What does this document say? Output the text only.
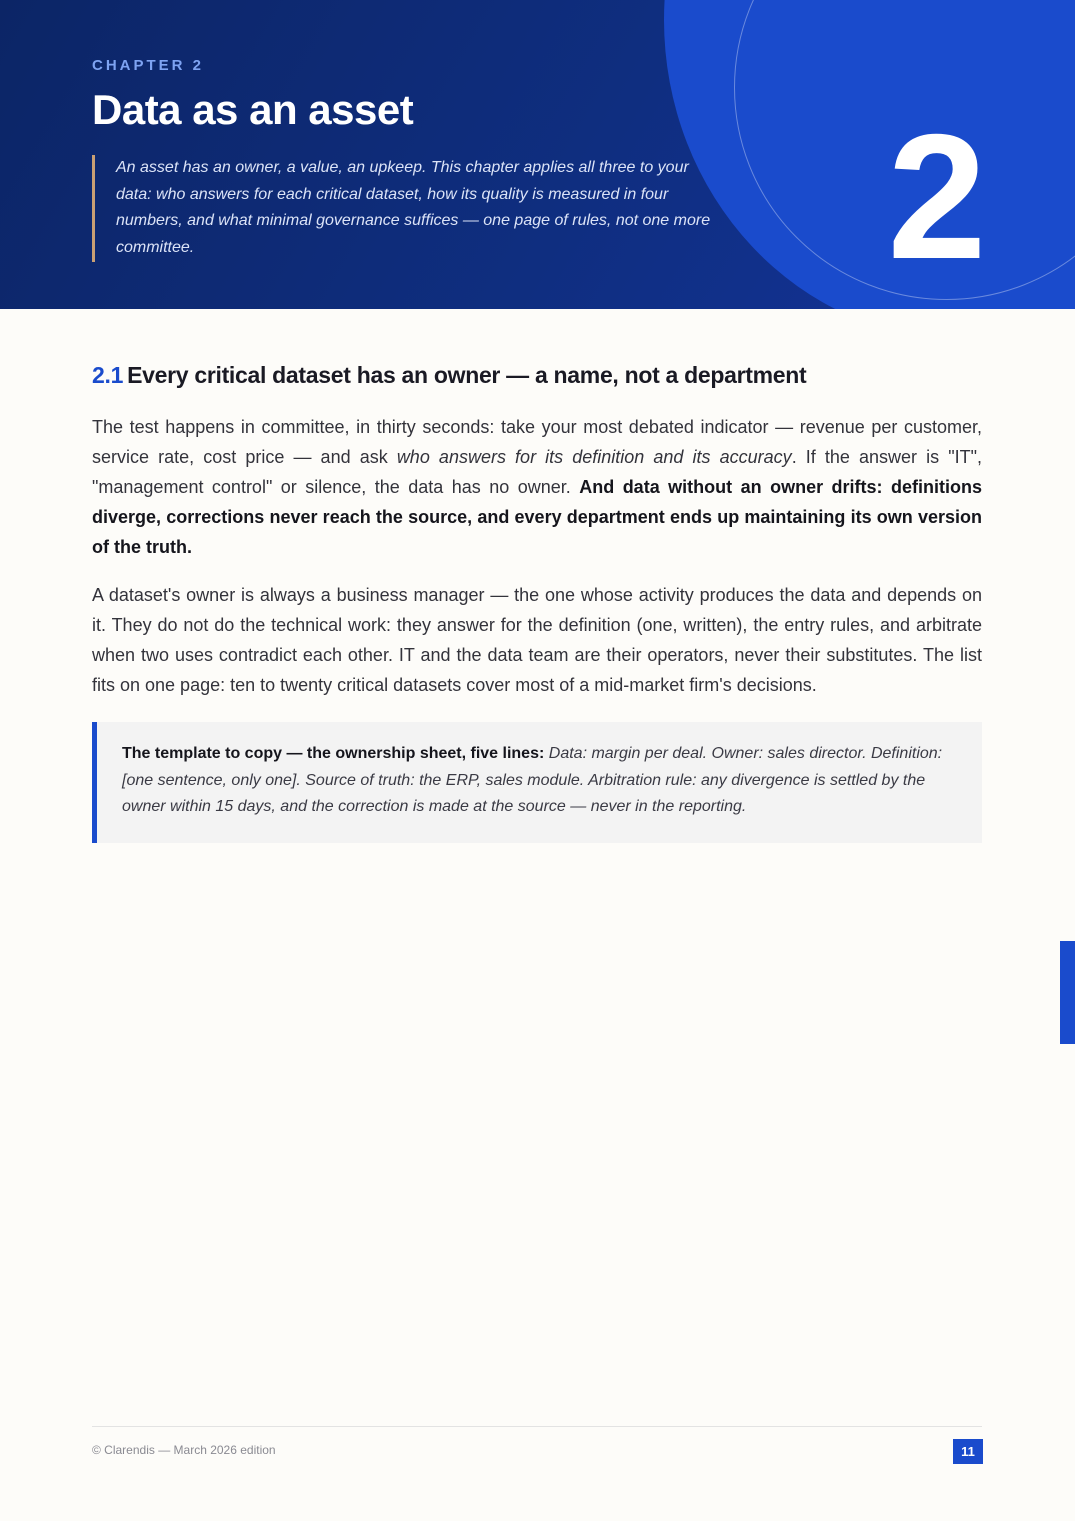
CHAPTER 2
Data as an asset

An asset has an owner, a value, an upkeep. This chapter applies all three to your data: who answers for each critical dataset, how its quality is measured in four numbers, and what minimal governance suffices — one page of rules, not one more committee.	2
2.1 Every critical dataset has an owner — a name, not a department

The test happens in committee, in thirty seconds: take your most debated indicator — revenue per customer, service rate, cost price — and ask who answers for its definition and its accuracy. If the answer is "IT", "management control" or silence, the data has no owner. And data without an owner drifts: definitions diverge, corrections never reach the source, and every department ends up maintaining its own version of the truth.

A dataset's owner is always a business manager — the one whose activity produces the data and depends on it. They do not do the technical work: they answer for the definition (one, written), the entry rules, and arbitrate when two uses contradict each other. IT and the data team are their operators, never their substitutes. The list fits on one page: ten to twenty critical datasets cover most of a mid-market firm's decisions.

The template to copy — the ownership sheet, five lines: Data: margin per deal. Owner: sales director. Definition: [one sentence, only one]. Source of truth: the ERP, sales module. Arbitration rule: any divergence is settled by the owner within 15 days, and the correction is made at the source — never in the reporting.
© Clarendis — March 2026 edition	11
